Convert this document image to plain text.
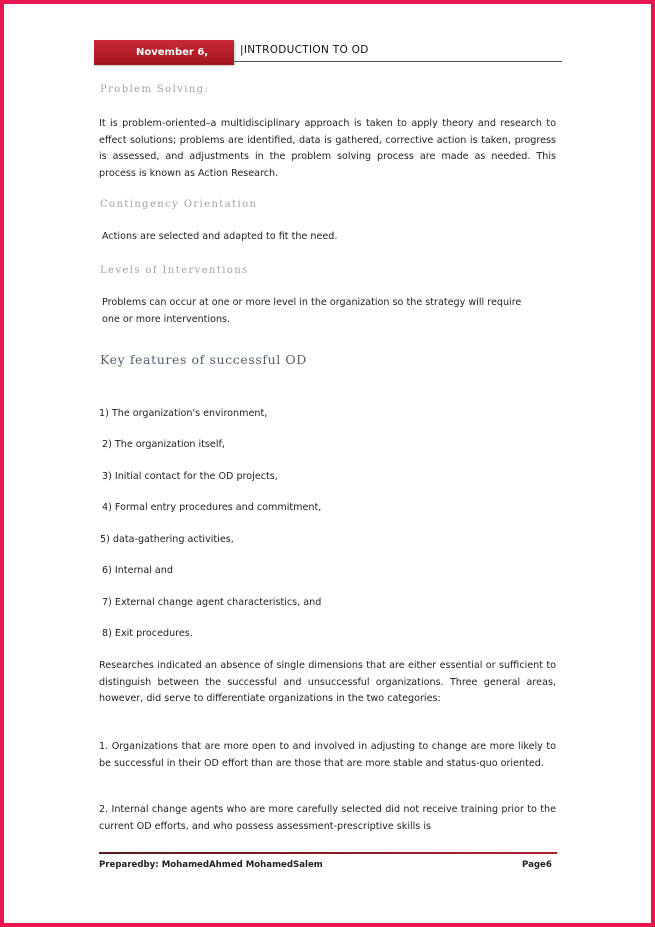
November 6, 2009
|INTRODUCTION TO OD
Problem Solving:

It is problem-oriented–a multidisciplinary approach is taken to apply theory and research to effect solutions; problems are identified, data is gathered, corrective action is taken, progress is assessed, and adjustments in the problem solving process are made as needed. This process is known as Action Research.

Contingency Orientation

Actions are selected and adapted to fit the need.

Levels of Interventions

Problems can occur at one or more level in the organization so the strategy will require one or more interventions.

Key features of successful OD

1) The organization's environment,

2) The organization itself,

3) Initial contact for the OD projects,

4) Formal entry procedures and commitment,

5) data-gathering activities,

6) Internal and

7) External change agent characteristics, and

8) Exit procedures.

Researches indicated an absence of single dimensions that are either essential or sufficient to distinguish between the successful and unsuccessful organizations. Three general areas, however, did serve to differentiate organizations in the two categories:

1. Organizations that are more open to and involved in adjusting to change are more likely to be successful in their OD effort than are those that are more stable and status-quo oriented.

2. Internal change agents who are more carefully selected did not receive training prior to the current OD efforts, and who possess assessment-prescriptive skills is

Preparedby: MohamedAhmed MohamedSalem	Page6
